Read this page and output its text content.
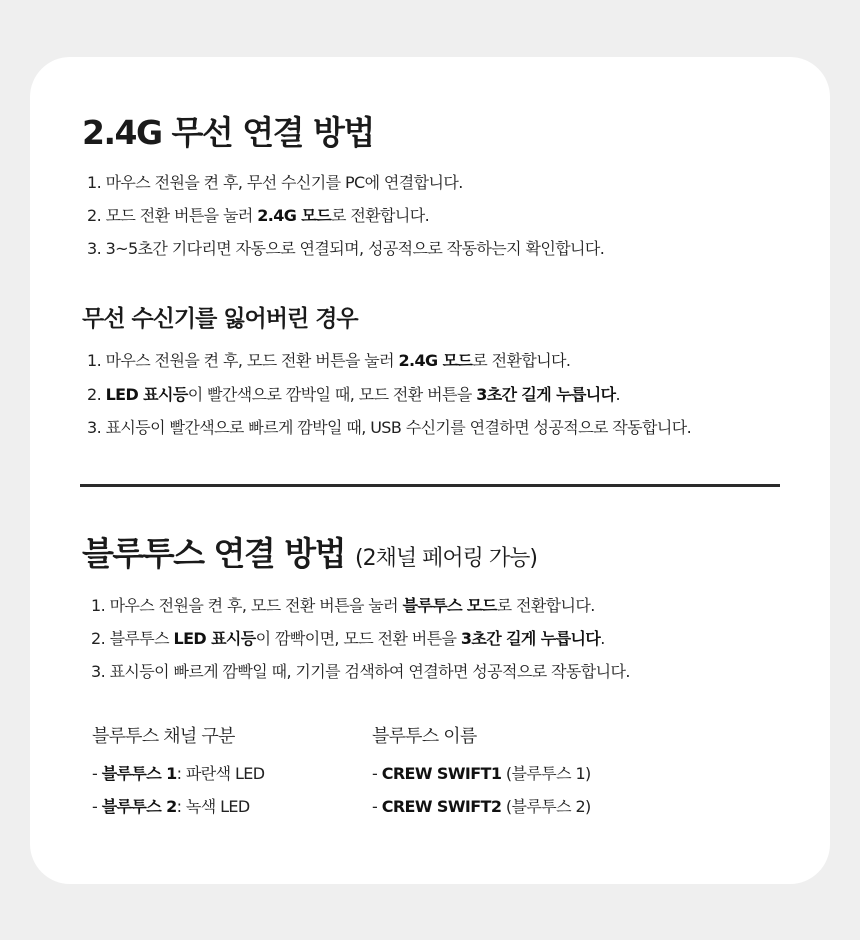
2.4G 무선 연결 방법
1. 마우스 전원을 켠 후, 무선 수신기를 PC에 연결합니다.
2. 모드 전환 버튼을 눌러 2.4G 모드로 전환합니다.
3. 3~5초간 기다리면 자동으로 연결되며, 성공적으로 작동하는지 확인합니다.
무선 수신기를 잃어버린 경우
1. 마우스 전원을 켠 후, 모드 전환 버튼을 눌러 2.4G 모드로 전환합니다.
2. LED 표시등이 빨간색으로 깜박일 때, 모드 전환 버튼을 3초간 길게 누릅니다.
3. 표시등이 빨간색으로 빠르게 깜박일 때, USB 수신기를 연결하면 성공적으로 작동합니다.
블루투스 연결 방법 (2채널 페어링 가능)
1. 마우스 전원을 켠 후, 모드 전환 버튼을 눌러 블루투스 모드로 전환합니다.
2. 블루투스 LED 표시등이 깜빡이면, 모드 전환 버튼을 3초간 길게 누릅니다.
3. 표시등이 빠르게 깜빡일 때, 기기를 검색하여 연결하면 성공적으로 작동합니다.
블루투스 채널 구분	블루투스 이름
- 블루투스 1: 파란색 LED	- CREW SWIFT1 (블루투스 1)
- 블루투스 2: 녹색 LED	- CREW SWIFT2 (블루투스 2)
